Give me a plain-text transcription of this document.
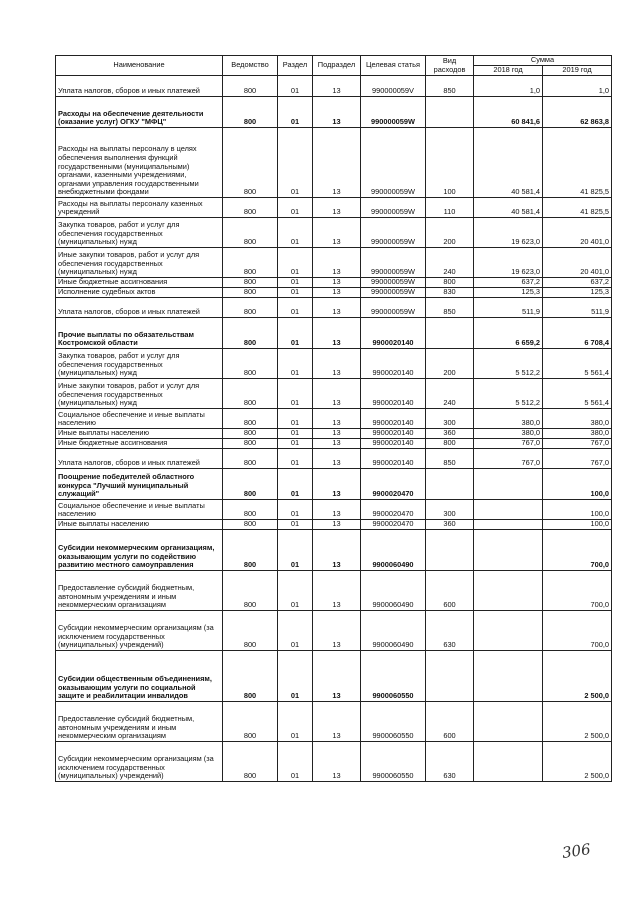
Наименование	Ведомство	Раздел	Подраздел	Целевая статья	Вид расходов	Сумма	
						2018 год	2019 год
Уплата налогов, сборов и иных платежей	800	01	13	990000059V	850	1,0	1,0
Расходы на обеспечение деятельности (оказание услуг) ОГКУ "МФЦ"	800	01	13	990000059W		60 841,6	62 863,8
Расходы на выплаты персоналу в целях обеспечения выполнения функций государственными (муниципальными) органами, казенными учреждениями, органами управления государственными внебюджетными фондами	800	01	13	990000059W	100	40 581,4	41 825,5
Расходы на выплаты персоналу казенных учреждений	800	01	13	990000059W	110	40 581,4	41 825,5
Закупка товаров, работ и услуг для обеспечения государственных (муниципальных) нужд	800	01	13	990000059W	200	19 623,0	20 401,0
Иные закупки товаров, работ и услуг для обеспечения государственных (муниципальных) нужд	800	01	13	990000059W	240	19 623,0	20 401,0
Иные бюджетные ассигнования	800	01	13	990000059W	800	637,2	637,2
Исполнение судебных актов	800	01	13	990000059W	830	125,3	125,3
Уплата налогов, сборов и иных платежей	800	01	13	990000059W	850	511,9	511,9
Прочие выплаты по обязательствам Костромской области	800	01	13	9900020140		6 659,2	6 708,4
Закупка товаров, работ и услуг для обеспечения государственных (муниципальных) нужд	800	01	13	9900020140	200	5 512,2	5 561,4
Иные закупки товаров, работ и услуг для обеспечения государственных (муниципальных) нужд	800	01	13	9900020140	240	5 512,2	5 561,4
Социальное обеспечение и иные выплаты населению	800	01	13	9900020140	300	380,0	380,0
Иные выплаты населению	800	01	13	9900020140	360	380,0	380,0
Иные бюджетные ассигнования	800	01	13	9900020140	800	767,0	767,0
Уплата налогов, сборов и иных платежей	800	01	13	9900020140	850	767,0	767,0
Поощрение победителей областного конкурса "Лучший муниципальный служащий"	800	01	13	9900020470			100,0
Социальное обеспечение и иные выплаты населению	800	01	13	9900020470	300		100,0
Иные выплаты населению	800	01	13	9900020470	360		100,0
Субсидии некоммерческим организациям, оказывающим услуги по содействию развитию местного самоуправления	800	01	13	9900060490			700,0
Предоставление субсидий бюджетным, автономным учреждениям и иным некоммерческим организациям	800	01	13	9900060490	600		700,0
Субсидии некоммерческим организациям (за исключением государственных (муниципальных) учреждений)	800	01	13	9900060490	630		700,0
Субсидии общественным объединениям, оказывающим услуги по социальной защите и реабилитации инвалидов	800	01	13	9900060550			2 500,0
Предоставление субсидий бюджетным, автономным учреждениям и иным некоммерческим организациям	800	01	13	9900060550	600		2 500,0
Субсидии некоммерческим организациям (за исключением государственных (муниципальных) учреждений)	800	01	13	9900060550	630		2 500,0
306
